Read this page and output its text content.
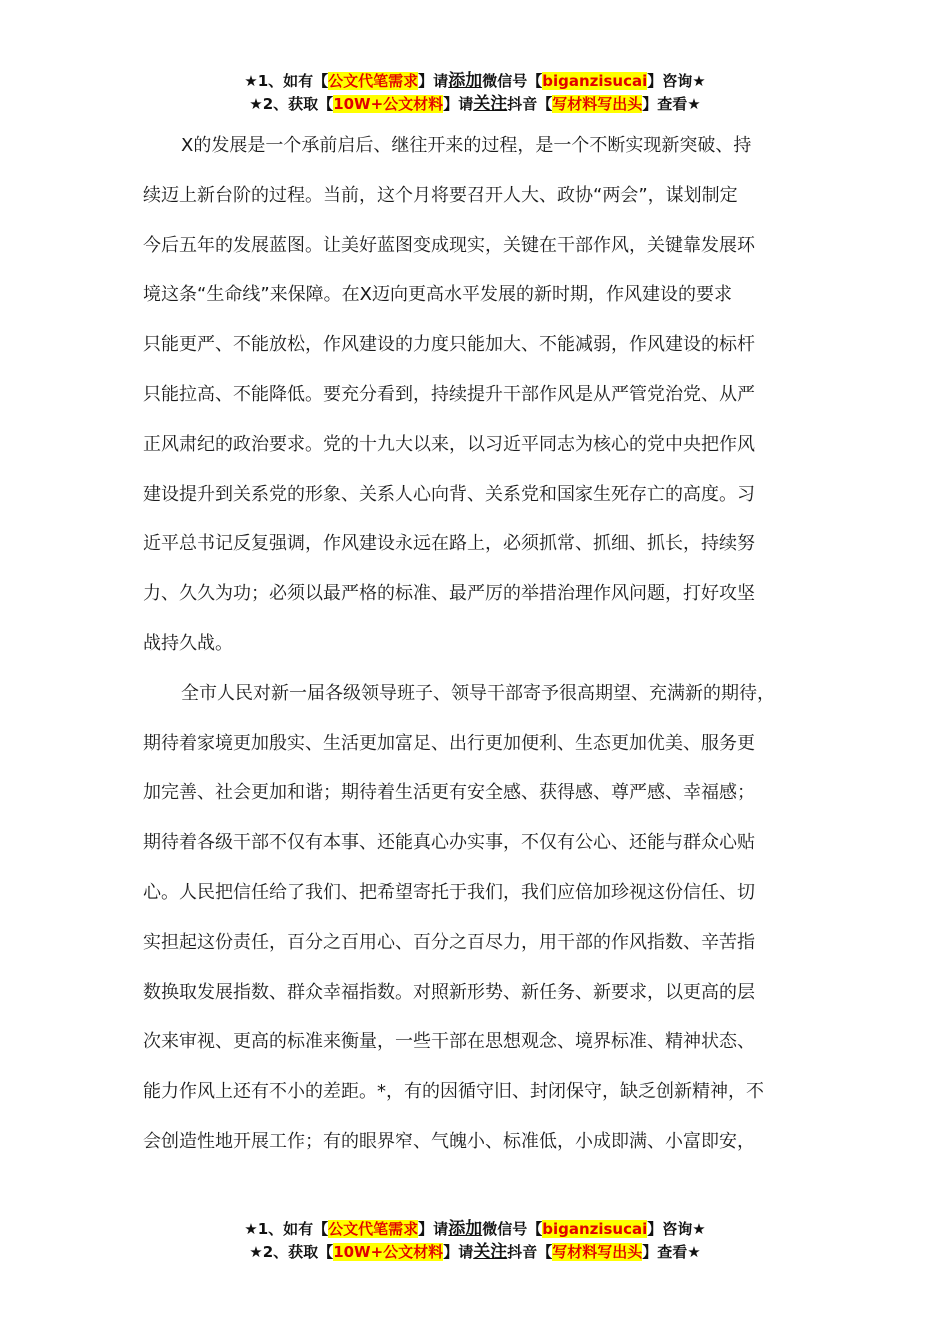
★1、如有【公文代笔需求】请添加微信号【biganzisucai】咨询★
★2、获取【10W+公文材料】请关注抖音【写材料写出头】查看★
X的发展是一个承前启后、继往开来的过程，是一个不断实现新突破、持
续迈上新台阶的过程。当前，这个月将要召开人大、政协“两会”，谋划制定
今后五年的发展蓝图。让美好蓝图变成现实，关键在干部作风，关键靠发展环
境这条“生命线”来保障。在X迈向更高水平发展的新时期，作风建设的要求
只能更严、不能放松，作风建设的力度只能加大、不能减弱，作风建设的标杆
只能拉高、不能降低。要充分看到，持续提升干部作风是从严管党治党、从严
正风肃纪的政治要求。党的十九大以来，以习近平同志为核心的党中央把作风
建设提升到关系党的形象、关系人心向背、关系党和国家生死存亡的高度。习
近平总书记反复强调，作风建设永远在路上，必须抓常、抓细、抓长，持续努
力、久久为功；必须以最严格的标准、最严厉的举措治理作风问题，打好攻坚
战持久战。
全市人民对新一届各级领导班子、领导干部寄予很高期望、充满新的期待，
期待着家境更加殷实、生活更加富足、出行更加便利、生态更加优美、服务更
加完善、社会更加和谐；期待着生活更有安全感、获得感、尊严感、幸福感；
期待着各级干部不仅有本事、还能真心办实事，不仅有公心、还能与群众心贴
心。人民把信任给了我们、把希望寄托于我们，我们应倍加珍视这份信任、切
实担起这份责任，百分之百用心、百分之百尽力，用干部的作风指数、辛苦指
数换取发展指数、群众幸福指数。对照新形势、新任务、新要求，以更高的层
次来审视、更高的标准来衡量，一些干部在思想观念、境界标准、精神状态、
能力作风上还有不小的差距。*，有的因循守旧、封闭保守，缺乏创新精神，不
会创造性地开展工作；有的眼界窄、气魄小、标准低，小成即满、小富即安，
★1、如有【公文代笔需求】请添加微信号【biganzisucai】咨询★
★2、获取【10W+公文材料】请关注抖音【写材料写出头】查看★
